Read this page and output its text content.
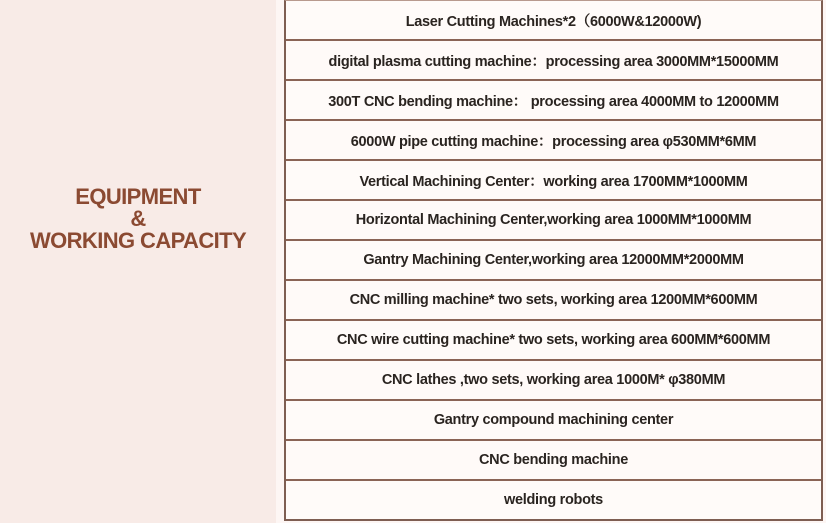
EQUIPMENT
&
WORKING CAPACITY
Laser Cutting Machines*2（6000W&12000W)
digital plasma cutting machine：processing area 3000MM*15000MM
300T CNC bending machine： processing area 4000MM to 12000MM
6000W pipe cutting machine：processing area φ530MM*6MM
Vertical Machining Center：working area 1700MM*1000MM
Horizontal Machining Center,working area 1000MM*1000MM
Gantry Machining Center,working area 12000MM*2000MM
CNC milling machine* two sets, working area 1200MM*600MM
CNC wire cutting machine* two sets, working area 600MM*600MM
CNC lathes ,two sets, working area 1000M* φ380MM
Gantry compound machining center
CNC bending machine
welding robots
